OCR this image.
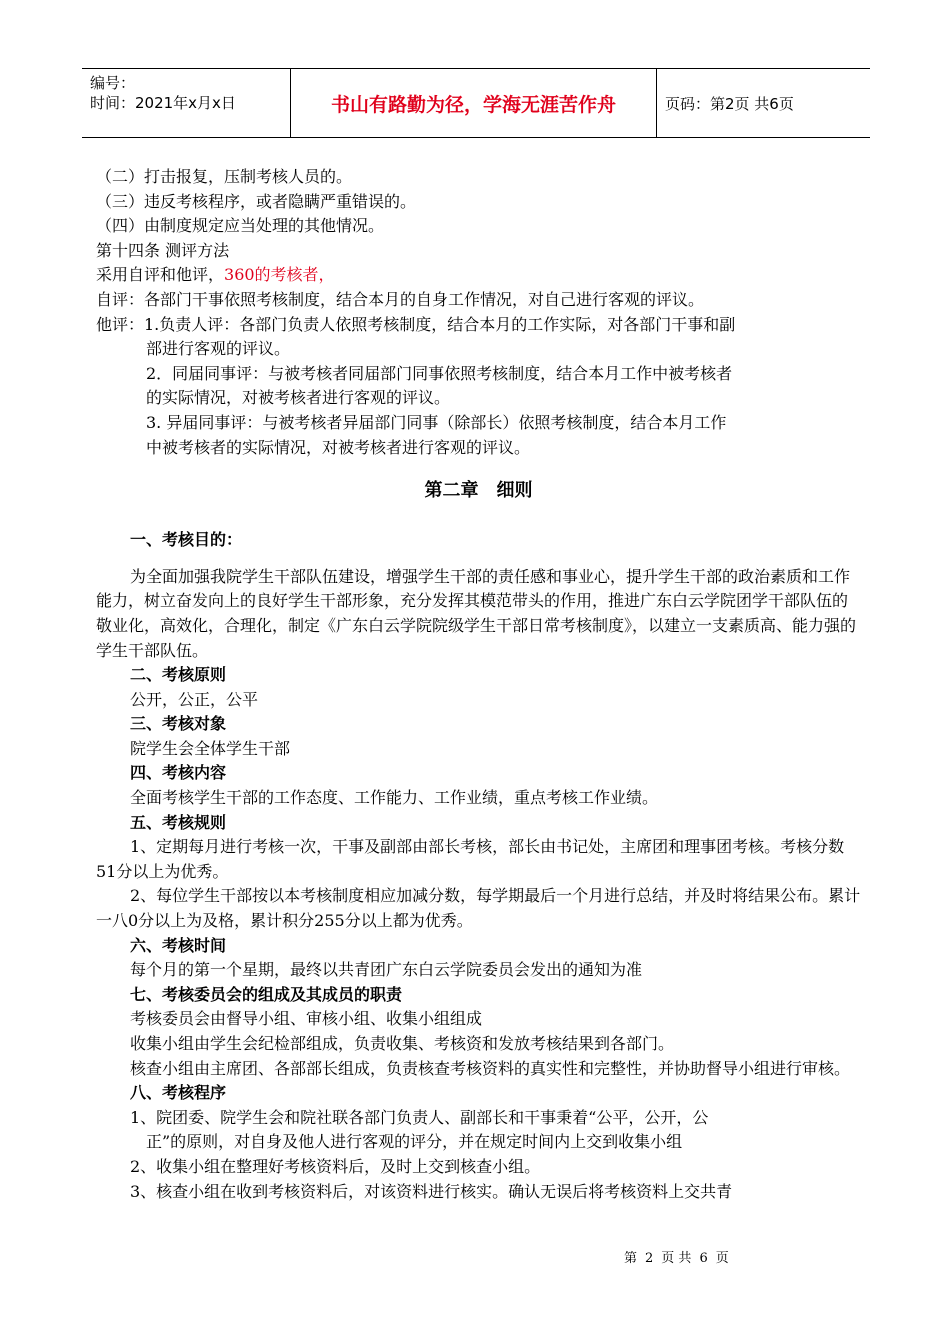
编号：
时间：2021年x月x日	书山有路勤为径，学海无涯苦作舟	页码：第2页 共6页
（二）打击报复，压制考核人员的。
（三）违反考核程序，或者隐瞒严重错误的。
（四）由制度规定应当处理的其他情况。
第十四条 测评方法
采用自评和他评，360的考核者，
自评：各部门干事依照考核制度，结合本月的自身工作情况，对自己进行客观的评议。
他评：1.负责人评：各部门负责人依照考核制度，结合本月的工作实际，对各部门干事和副
部进行客观的评议。
2．同届同事评：与被考核者同届部门同事依照考核制度，结合本月工作中被考核者
的实际情况，对被考核者进行客观的评议。
3. 异届同事评：与被考核者异届部门同事（除部长）依照考核制度，结合本月工作
中被考核者的实际情况，对被考核者进行客观的评议。
第二章　细则
一、考核目的：
为全面加强我院学生干部队伍建设，增强学生干部的责任感和事业心，提升学生干部的政治素质和工作能力，树立奋发向上的良好学生干部形象，充分发挥其模范带头的作用，推进广东白云学院团学干部队伍的敬业化，高效化，合理化，制定《广东白云学院院级学生干部日常考核制度》，以建立一支素质高、能力强的学生干部队伍。
二、考核原则
公开，公正，公平
三、考核对象
院学生会全体学生干部
四、考核内容
全面考核学生干部的工作态度、工作能力、工作业绩，重点考核工作业绩。
五、考核规则
1、定期每月进行考核一次，干事及副部由部长考核，部长由书记处，主席团和理事团考核。考核分数51分以上为优秀。
2、每位学生干部按以本考核制度相应加减分数，每学期最后一个月进行总结，并及时将结果公布。累计一八0分以上为及格，累计积分255分以上都为优秀。
六、考核时间
每个月的第一个星期，最终以共青团广东白云学院委员会发出的通知为准
七、考核委员会的组成及其成员的职责
考核委员会由督导小组、审核小组、收集小组组成
收集小组由学生会纪检部组成，负责收集、考核资和发放考核结果到各部门。
核查小组由主席团、各部部长组成，负责核查考核资料的真实性和完整性，并协助督导小组进行审核。
八、考核程序
1、院团委、院学生会和院社联各部门负责人、副部长和干事秉着“公平，公开，公
正”的原则，对自身及他人进行客观的评分，并在规定时间内上交到收集小组
2、收集小组在整理好考核资料后，及时上交到核查小组。
3、核查小组在收到考核资料后，对该资料进行核实。确认无误后将考核资料上交共青
第 2 页 共 6 页
